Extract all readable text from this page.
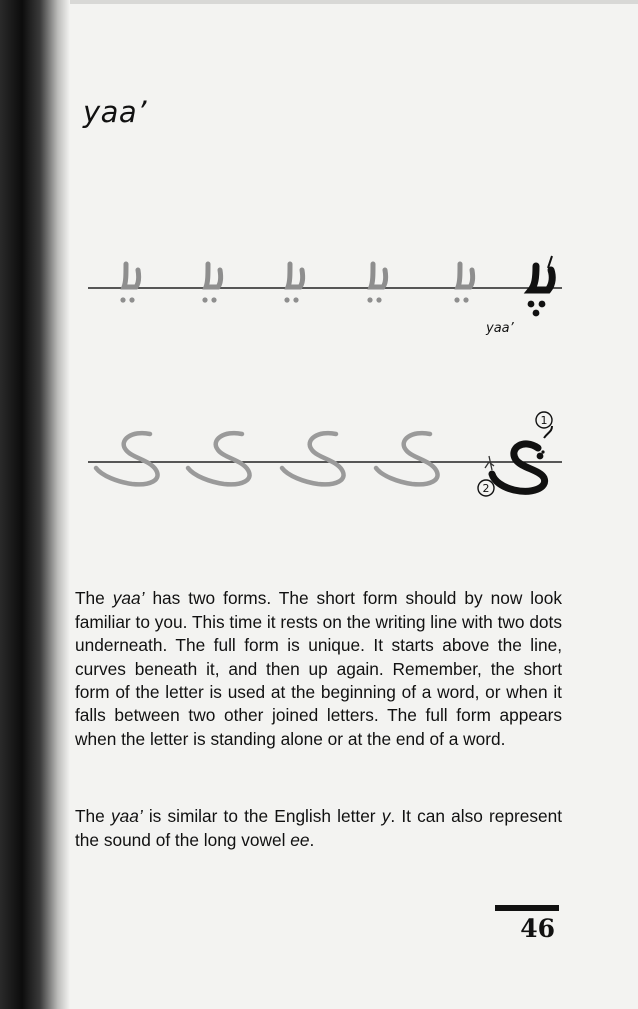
yaa’
yaa’
1
2

The yaa’ has two forms. The short form should by now look familiar to you. This time it rests on the writing line with two dots underneath. The full form is unique. It starts above the line, curves beneath it, and then up again. Remember, the short form of the letter is used at the beginning of a word, or when it falls between two other joined letters. The full form appears when the letter is standing alone or at the end of a word.

The yaa’ is similar to the English letter y. It can also represent the sound of the long vowel ee.

46
